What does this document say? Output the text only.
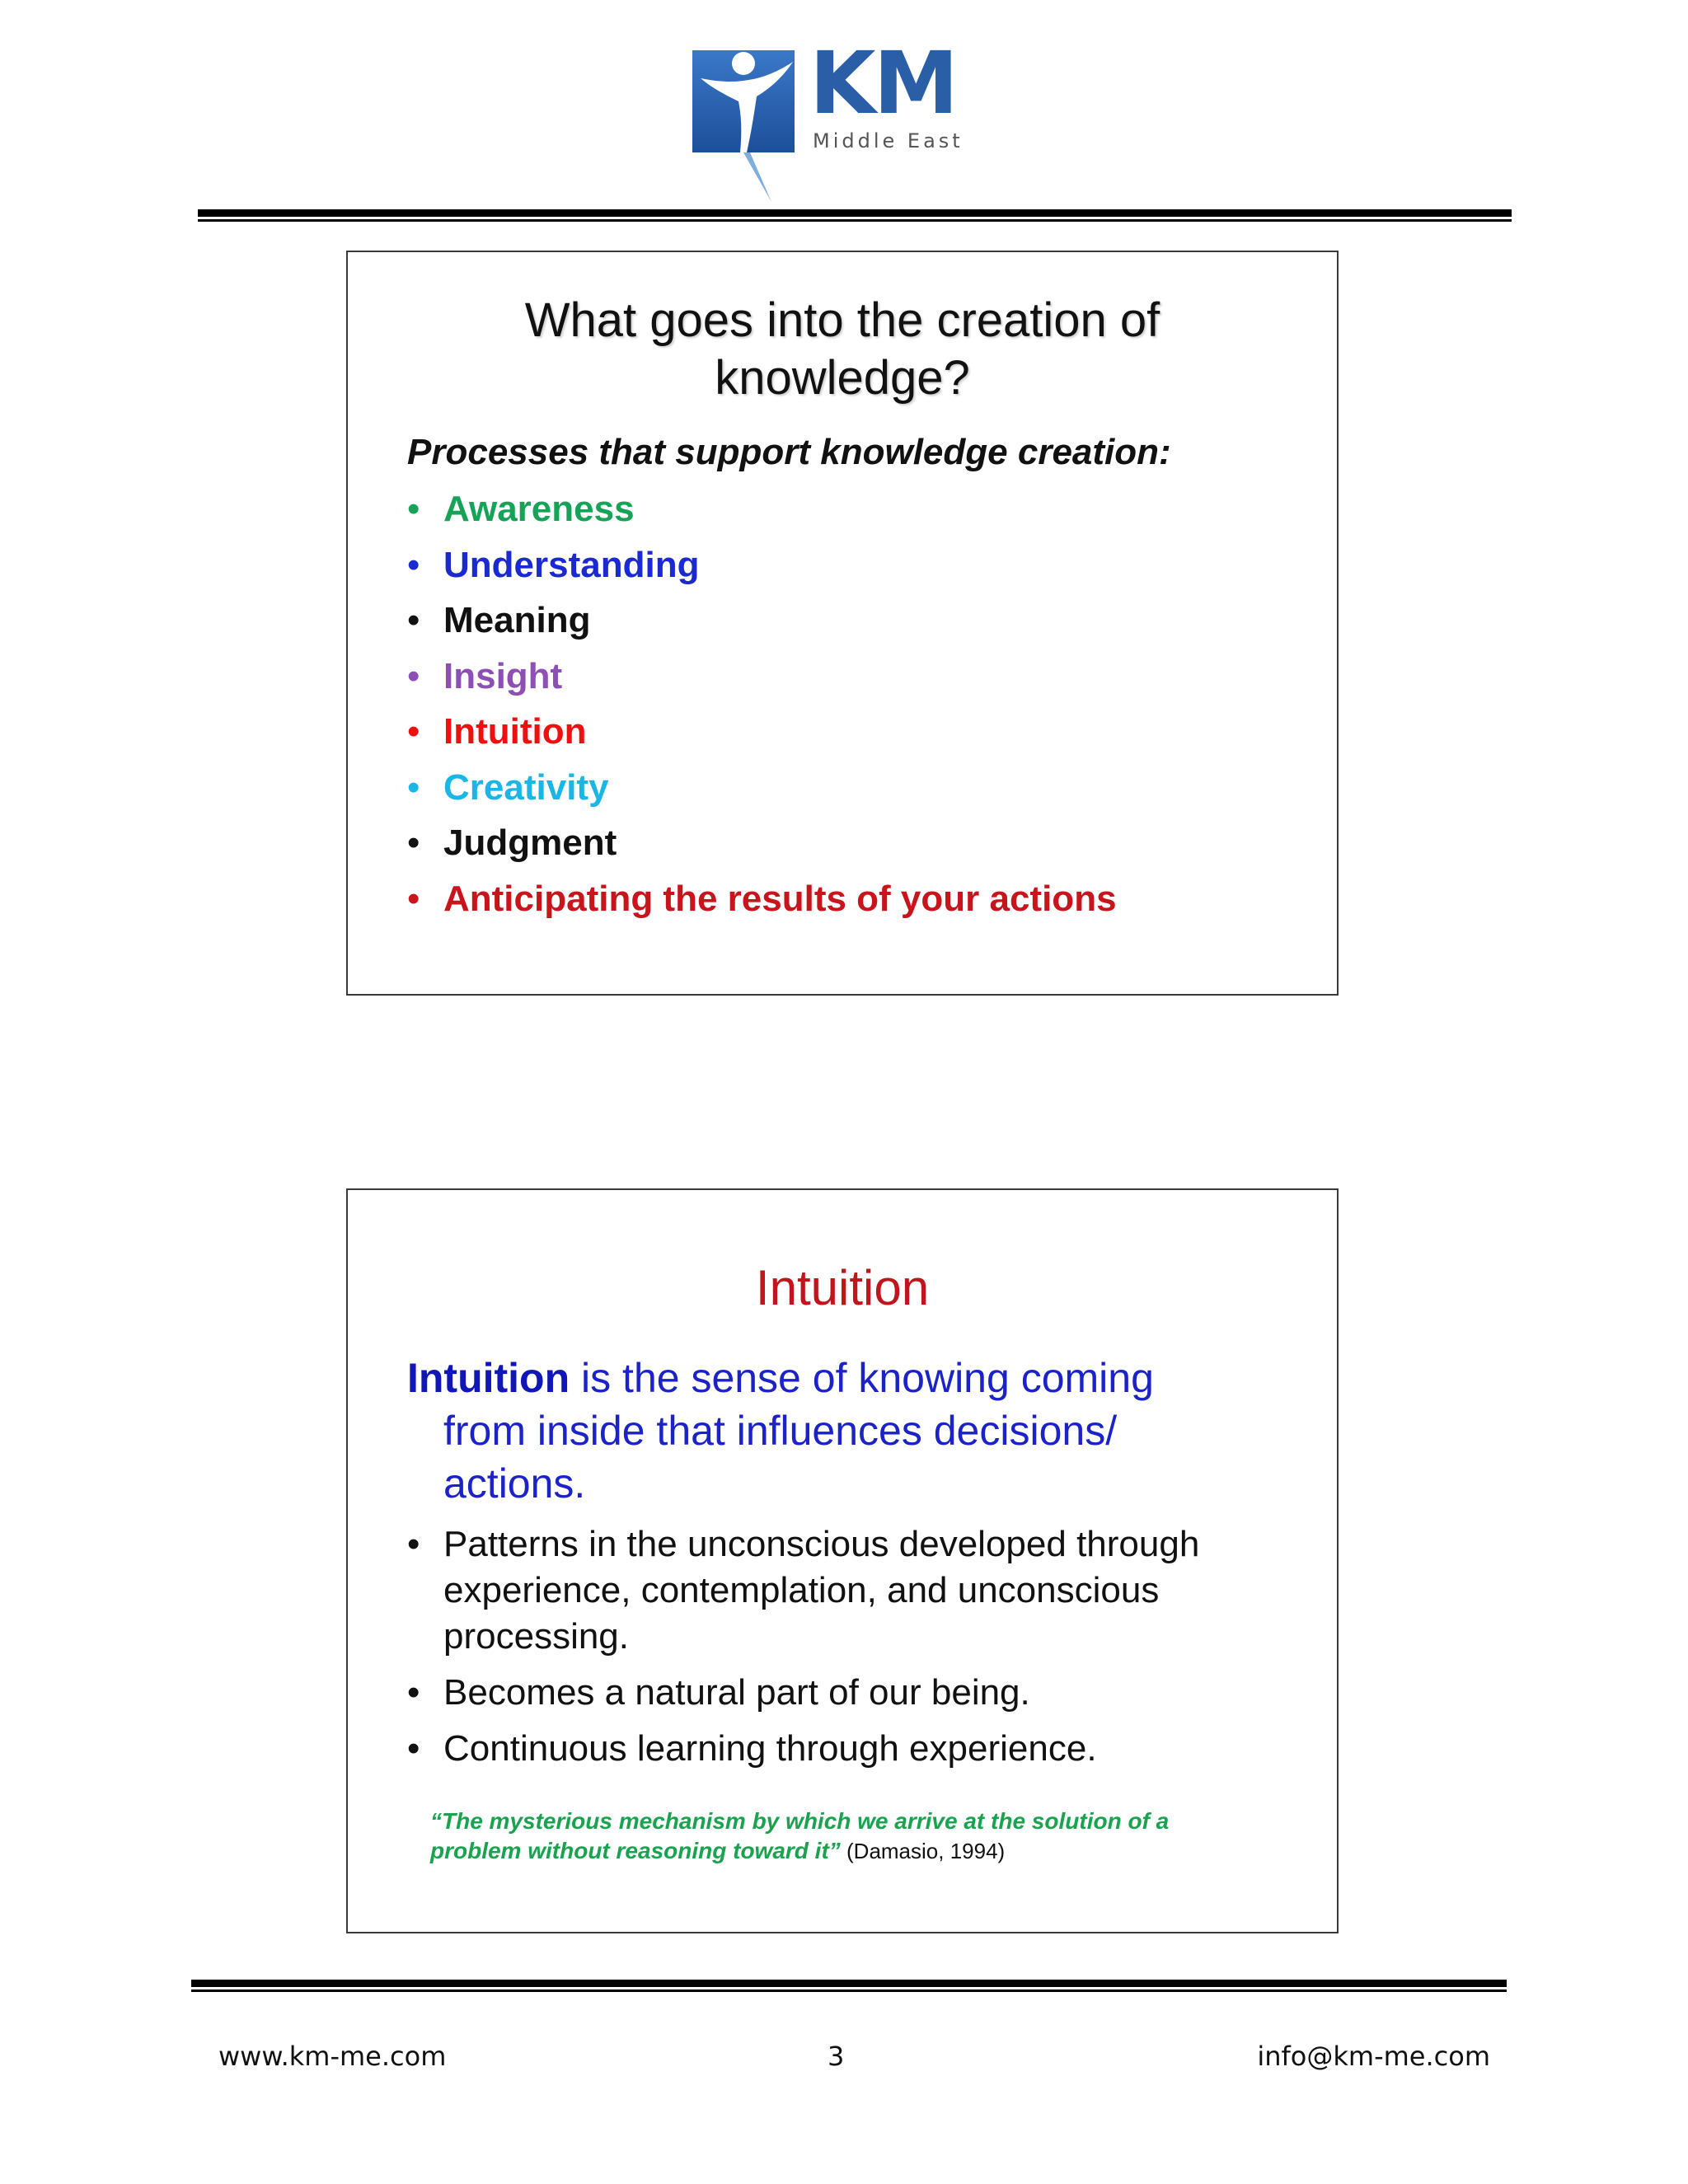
KM
Middle East
What goes into the creation of
knowledge?
Processes that support knowledge creation:
• Awareness
• Understanding
• Meaning
• Insight
• Intuition
• Creativity
• Judgment
• Anticipating the results of your actions
Intuition
Intuition is the sense of knowing coming
from inside that influences decisions/
actions.
• Patterns in the unconscious developed through
experience, contemplation, and unconscious
processing.
• Becomes a natural part of our being.
• Continuous learning through experience.
“The mysterious mechanism by which we arrive at the solution of a
problem without reasoning toward it” (Damasio, 1994)
www.km-me.com	3	info@km-me.com
